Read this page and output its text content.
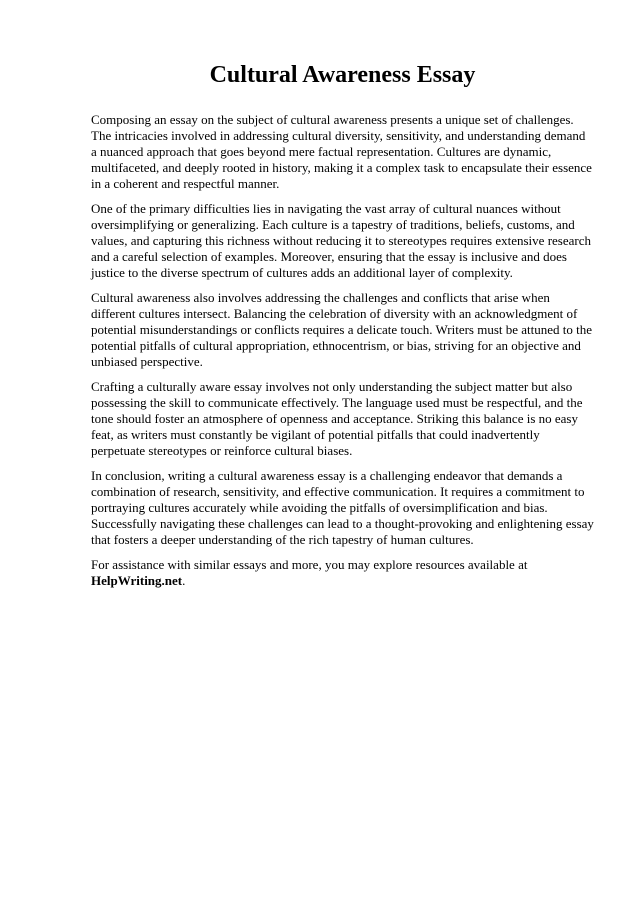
Cultural Awareness Essay

Composing an essay on the subject of cultural awareness presents a unique set of challenges. The intricacies involved in addressing cultural diversity, sensitivity, and understanding demand a nuanced approach that goes beyond mere factual representation. Cultures are dynamic, multifaceted, and deeply rooted in history, making it a complex task to encapsulate their essence in a coherent and respectful manner.

One of the primary difficulties lies in navigating the vast array of cultural nuances without oversimplifying or generalizing. Each culture is a tapestry of traditions, beliefs, customs, and values, and capturing this richness without reducing it to stereotypes requires extensive research and a careful selection of examples. Moreover, ensuring that the essay is inclusive and does justice to the diverse spectrum of cultures adds an additional layer of complexity.

Cultural awareness also involves addressing the challenges and conflicts that arise when different cultures intersect. Balancing the celebration of diversity with an acknowledgment of potential misunderstandings or conflicts requires a delicate touch. Writers must be attuned to the potential pitfalls of cultural appropriation, ethnocentrism, or bias, striving for an objective and unbiased perspective.

Crafting a culturally aware essay involves not only understanding the subject matter but also possessing the skill to communicate effectively. The language used must be respectful, and the tone should foster an atmosphere of openness and acceptance. Striking this balance is no easy feat, as writers must constantly be vigilant of potential pitfalls that could inadvertently perpetuate stereotypes or reinforce cultural biases.

In conclusion, writing a cultural awareness essay is a challenging endeavor that demands a combination of research, sensitivity, and effective communication. It requires a commitment to portraying cultures accurately while avoiding the pitfalls of oversimplification and bias. Successfully navigating these challenges can lead to a thought-provoking and enlightening essay that fosters a deeper understanding of the rich tapestry of human cultures.

For assistance with similar essays and more, you may explore resources available at
HelpWriting.net.
